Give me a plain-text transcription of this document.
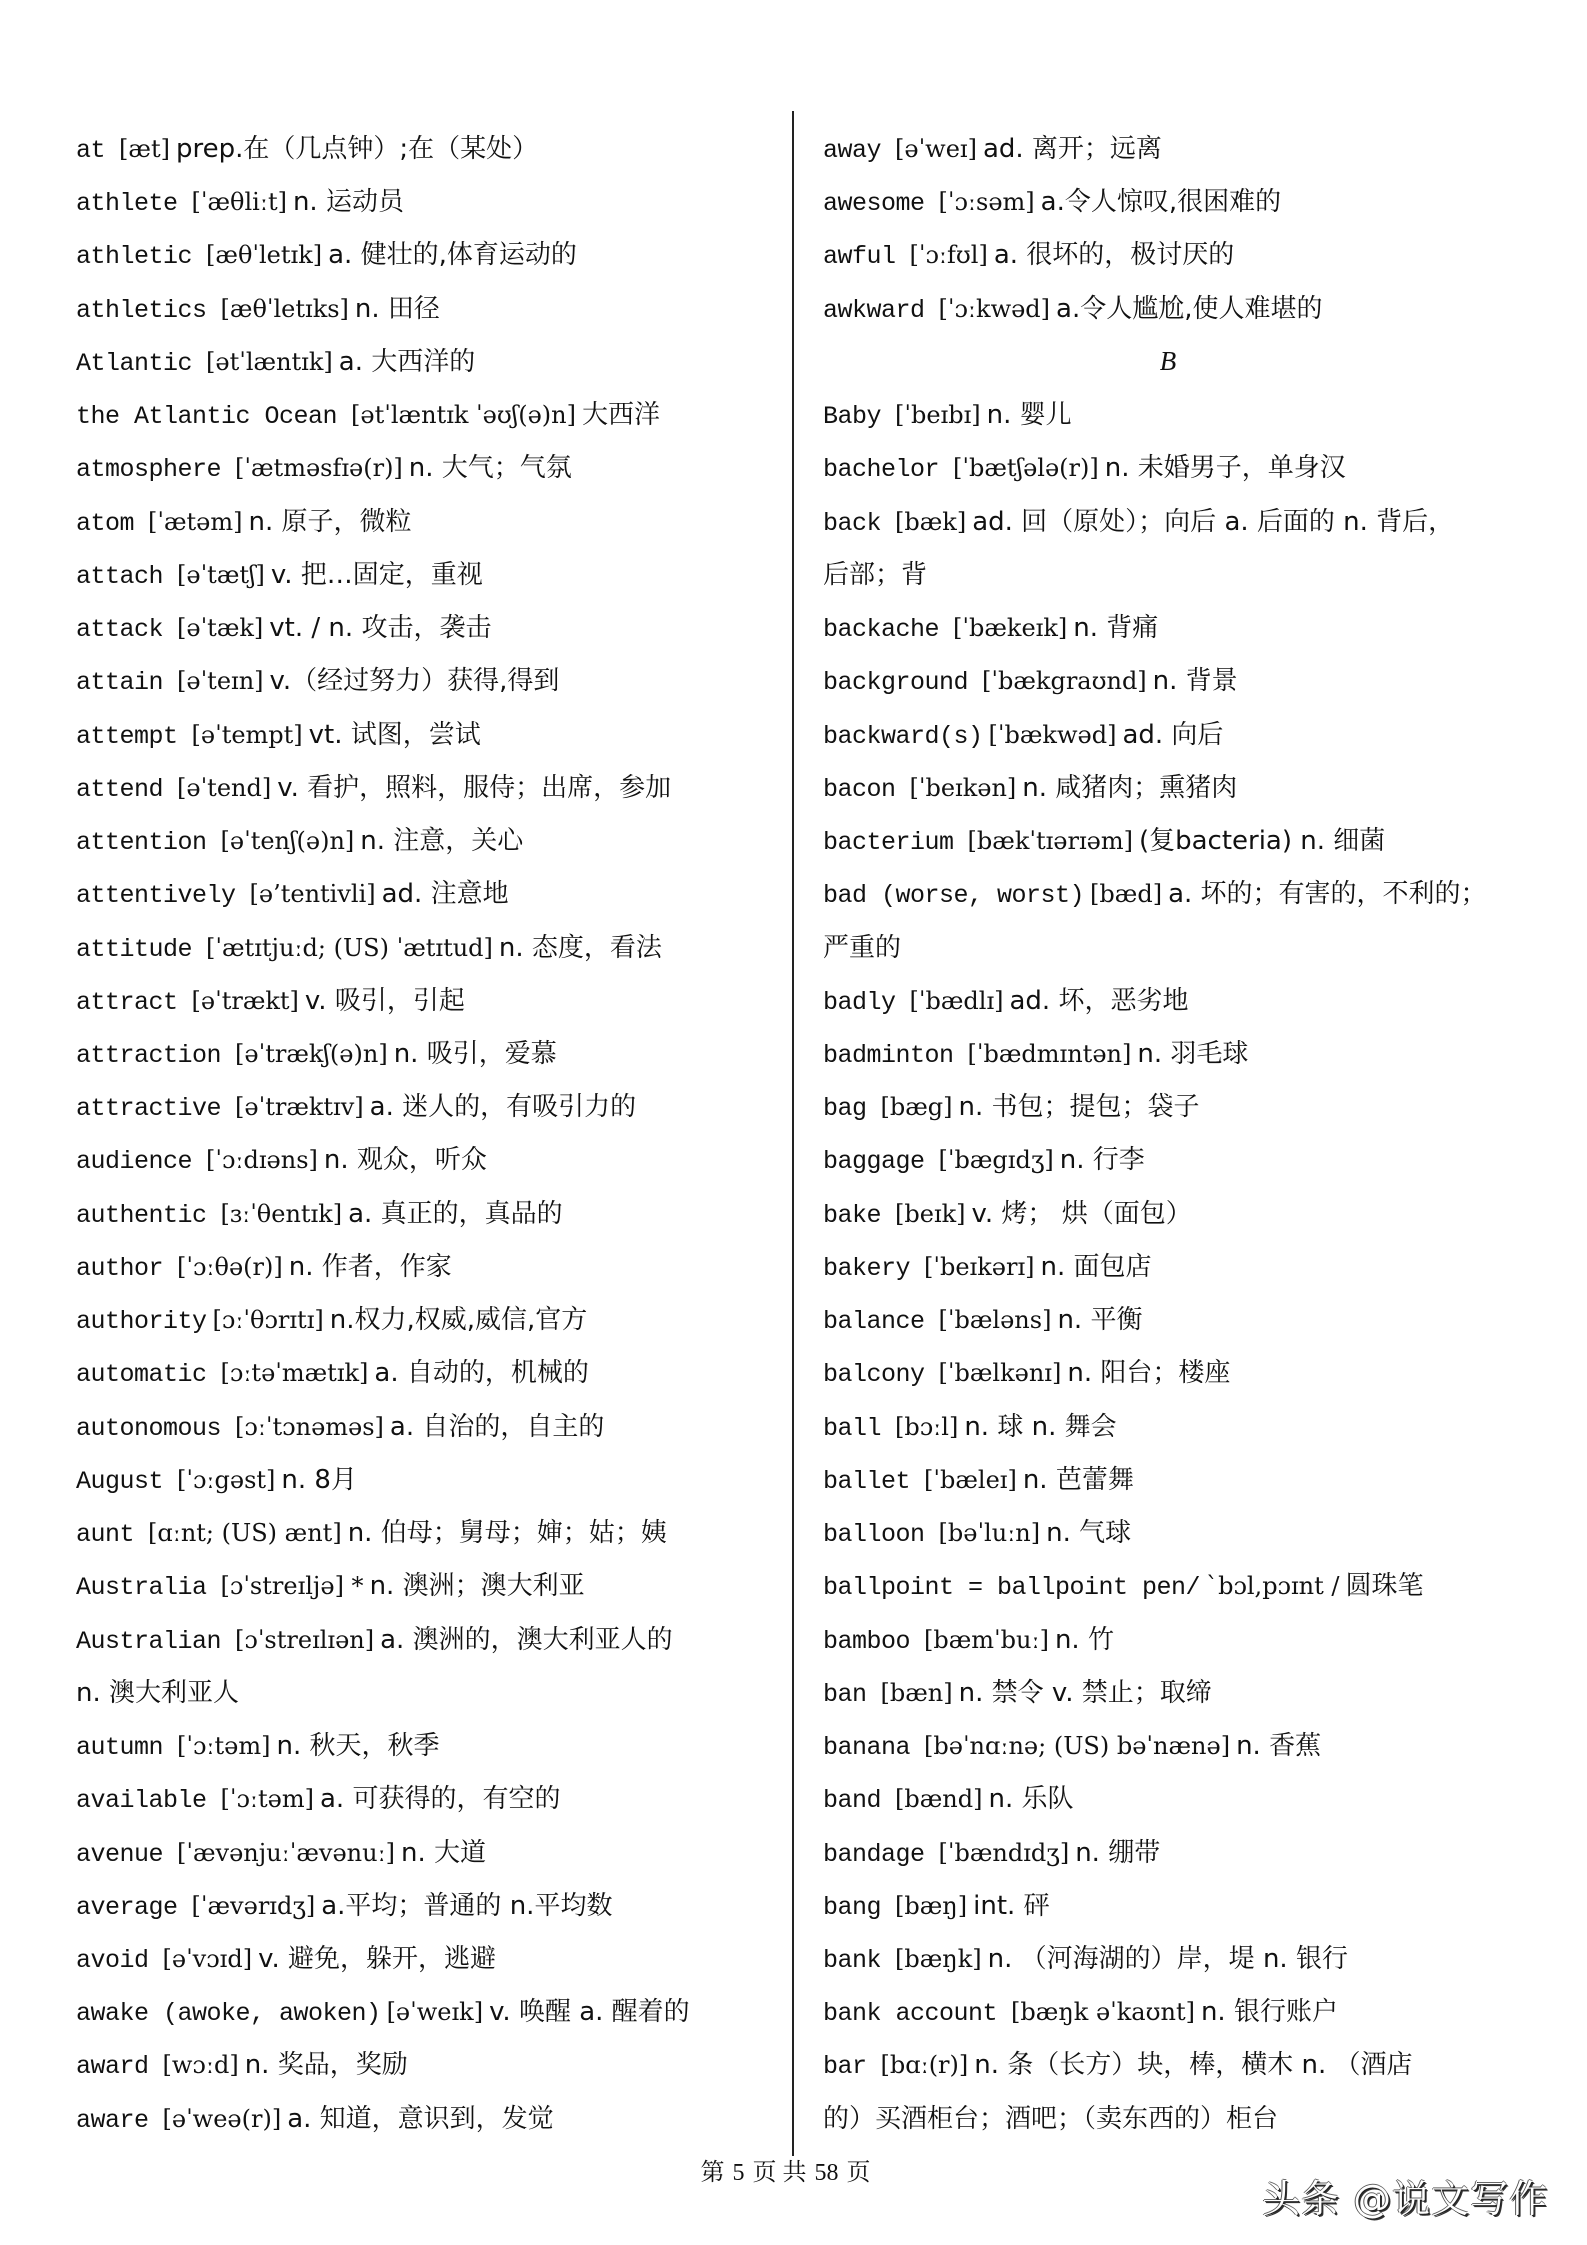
at [æt] prep.在（几点钟）;在（某处）
athlete [ˈæθliːt] n. 运动员
athletic [æθˈletɪk] a. 健壮的,体育运动的
athletics [æθˈletɪks] n. 田径
Atlantic [ətˈlæntɪk] a. 大西洋的
the Atlantic Ocean [ətˈlæntɪk ˈəʊʃ(ə)n] 大西洋
atmosphere [ˈætməsfɪə(r)] n. 大气；气氛
atom [ˈætəm] n. 原子，微粒
attach [əˈtætʃ] v. 把…固定，重视
attack [əˈtæk] vt. / n. 攻击，袭击
attain [əˈteɪn] v.（经过努力）获得,得到
attempt [əˈtempt] vt. 试图，尝试
attend [əˈtend] v. 看护，照料，服侍；出席，参加
attention [əˈtenʃ(ə)n] n. 注意，关心
attentively [ə’tentivli] ad. 注意地
attitude [ˈætɪtjuːd; (US) ˈætɪtud] n. 态度，看法
attract [əˈtrækt] v. 吸引，引起
attraction [əˈtrækʃ(ə)n] n. 吸引，爱慕
attractive [əˈtræktɪv] a. 迷人的，有吸引力的
audience [ˈɔːdɪəns] n. 观众，听众
authentic [ɜːˈθentɪk] a. 真正的，真品的
author [ˈɔːθə(r)] n. 作者，作家
authority [ɔːˈθɔrɪtɪ] n.权力,权威,威信,官方
automatic [ɔːtəˈmætɪk] a. 自动的，机械的
autonomous [ɔːˈtɔnəməs] a. 自治的，自主的
August [ˈɔːgəst] n. 8月
aunt [ɑːnt; (US) ænt] n. 伯母；舅母；婶；姑；姨
Australia [ɔˈstreɪljə] * n. 澳洲；澳大利亚
Australian [ɔˈstreɪlɪən] a. 澳洲的，澳大利亚人的
n. 澳大利亚人
autumn [ˈɔːtəm] n. 秋天，秋季
available [ˈɔːtəm] a. 可获得的，有空的
avenue [ˈævənjuːˈævənuː] n. 大道
average [ˈævərɪdʒ] a.平均；普通的 n.平均数
avoid [əˈvɔɪd] v. 避免，躲开，逃避
awake (awoke, awoken) [əˈweɪk] v. 唤醒 a. 醒着的
award [wɔːd] n. 奖品，奖励
aware [əˈweə(r)] a. 知道，意识到，发觉
away [əˈweɪ] ad. 离开；远离
awesome [ˈɔːsəm] a.令人惊叹,很困难的
awful [ˈɔːfʊl] a. 很坏的，极讨厌的
awkward [ˈɔːkwəd] a.令人尴尬,使人难堪的
B
Baby [ˈbeɪbɪ] n. 婴儿
bachelor [ˈbætʃələ(r)] n. 未婚男子，单身汉
back [bæk] ad. 回（原处）；向后 a. 后面的 n. 背后，
后部；背
backache [ˈbækeɪk] n. 背痛
background [ˈbækgraʊnd] n. 背景
backward(s) [ˈbækwəd] ad. 向后
bacon [ˈbeɪkən] n. 咸猪肉；熏猪肉
bacterium [bækˈtɪərɪəm] (复bacteria) n. 细菌
bad (worse, worst) [bæd] a. 坏的；有害的，不利的；
严重的
badly [ˈbædlɪ] ad. 坏，恶劣地
badminton [ˈbædmɪntən] n. 羽毛球
bag [bæg] n. 书包；提包；袋子
baggage [ˈbægɪdʒ] n. 行李
bake [beɪk] v. 烤； 烘（面包）
bakery [ˈbeɪkərɪ] n. 面包店
balance [ˈbæləns] n. 平衡
balcony [ˈbælkənɪ] n. 阳台；楼座
ball [bɔːl] n. 球 n. 舞会
ballet [ˈbæleɪ] n. 芭蕾舞
balloon [bəˈluːn] n. 气球
ballpoint = ballpoint pen/ `bɔl,pɔɪnt / 圆珠笔
bamboo [bæmˈbuː] n. 竹
ban [bæn] n. 禁令 v. 禁止；取缔
banana [bəˈnɑːnə; (US) bəˈnænə] n. 香蕉
band [bænd] n. 乐队
bandage [ˈbændɪdʒ] n. 绷带
bang [bæŋ] int. 砰
bank [bæŋk] n. （河海湖的）岸，堤 n. 银行
bank account [bæŋk əˈkaʊnt] n. 银行账户
bar [bɑː(r)] n. 条（长方）块，棒，横木 n. （酒店
的）买酒柜台；酒吧；（卖东西的）柜台
第 5 页 共 58 页
头条 @说文写作
